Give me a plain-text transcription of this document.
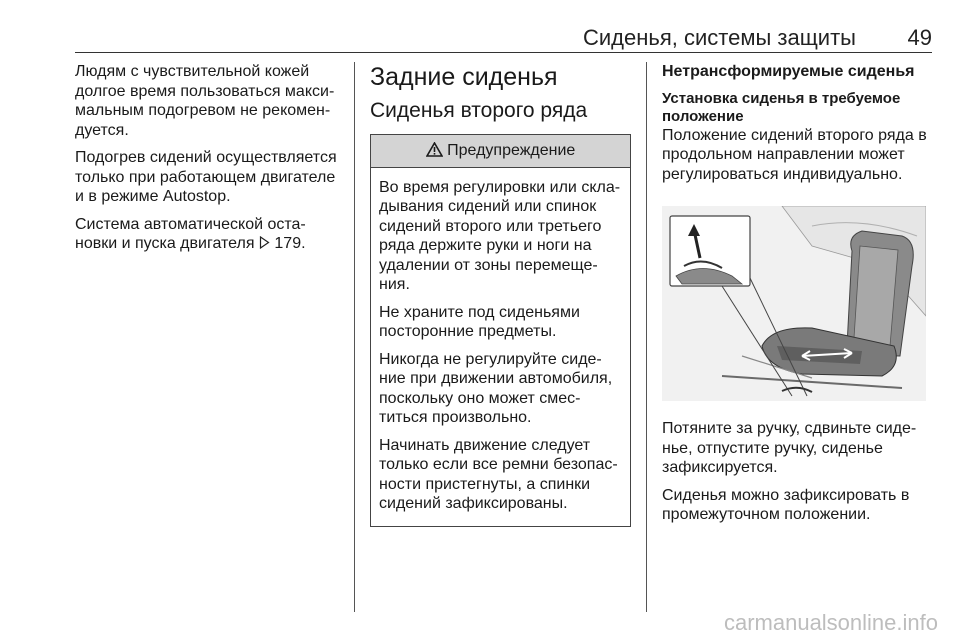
Сиденья, системы защиты 49

Людям с чувствительной кожей долгое время пользоваться макси-мальным подогревом не рекомен-дуется.

Подогрев сидений осуществляется только при работающем двигателе и в режиме Autostop.

Система автоматической оста-новки и пуска двигателя 179.

Задние сиденья
Сиденья второго ряда
Предупреждение

Во время регулировки или скла-дывания сидений или спинок сидений второго или третьего ряда держите руки и ноги на удалении от зоны перемеще-ния.

Не храните под сиденьями посторонние предметы.

Никогда не регулируйте сиде-ние при движении автомобиля, поскольку оно может смес-титься произвольно.

Начинать движение следует только если все ремни безопас-ности пристегнуты, а спинки сидений зафиксированы.

Нетрансформируемые сиденья
Установка сиденья в требуемое положение

Положение сидений второго ряда в продольном направлении может регулироваться индивидуально.

Потяните за ручку, сдвиньте сиде-нье, отпустите ручку, сиденье зафиксируется.

Сиденья можно зафиксировать в промежуточном положении.

carmanualsonline.info
